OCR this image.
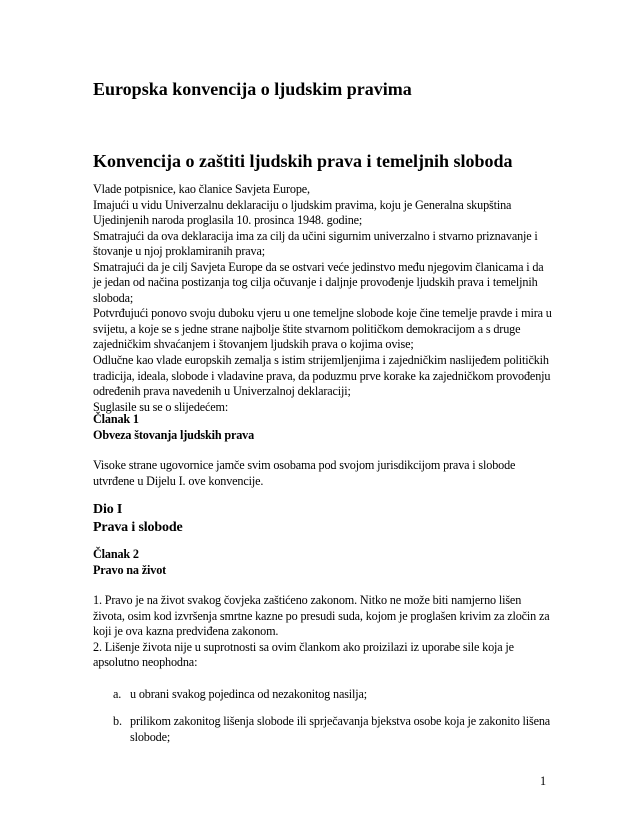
Europska konvencija o ljudskim pravima
Konvencija o zaštiti ljudskih prava i temeljnih sloboda

Vlade potpisnice, kao članice Savjeta Europe,

Imajući u vidu Univerzalnu deklaraciju o ljudskim pravima, koju je Generalna skupština Ujedinjenih naroda proglasila 10. prosinca 1948. godine;

Smatrajući da ova deklaracija ima za cilj da učini sigurnim univerzalno i stvarno priznavanje i štovanje u njoj proklamiranih prava;

Smatrajući da je cilj Savjeta Europe da se ostvari veće jedinstvo među njegovim članicama i da je jedan od načina postizanja tog cilja očuvanje i daljnje provođenje ljudskih prava i temeljnih sloboda;

Potvrđujući ponovo svoju duboku vjeru u one temeljne slobode koje čine temelje pravde i mira u svijetu, a koje se s jedne strane najbolje štite stvarnom političkom demokracijom a s druge zajedničkim shvaćanjem i štovanjem ljudskih prava o kojima ovise;

Odlučne kao vlade europskih zemalja s istim strijemljenjima i zajedničkim naslijeđem političkih tradicija, ideala, slobode i vladavine prava, da poduzmu prve korake ka zajedničkom provođenju određenih prava navedenih u Univerzalnoj deklaraciji;

Suglasile su se o slijedećem:

Članak 1

Obveza štovanja ljudskih prava

Visoke strane ugovornice jamče svim osobama pod svojom jurisdikcijom prava i slobode utvrđene u Dijelu I. ove konvencije.

Dio I

Prava i slobode

Članak 2

Pravo na život

1. Pravo je na život svakog čovjeka zaštićeno zakonom. Nitko ne može biti namjerno lišen života, osim kod izvršenja smrtne kazne po presudi suda, kojom je proglašen krivim za zločin za koji je ova kazna predviđena zakonom.

2. Lišenje života nije u suprotnosti sa ovim člankom ako proizilazi iz uporabe sile koja je apsolutno neophodna:

a. u obrani svakog pojedinca od nezakonitog nasilja;
b. prilikom zakonitog lišenja slobode ili sprječavanja bjekstva osobe koja je zakonito lišena slobode;
1
